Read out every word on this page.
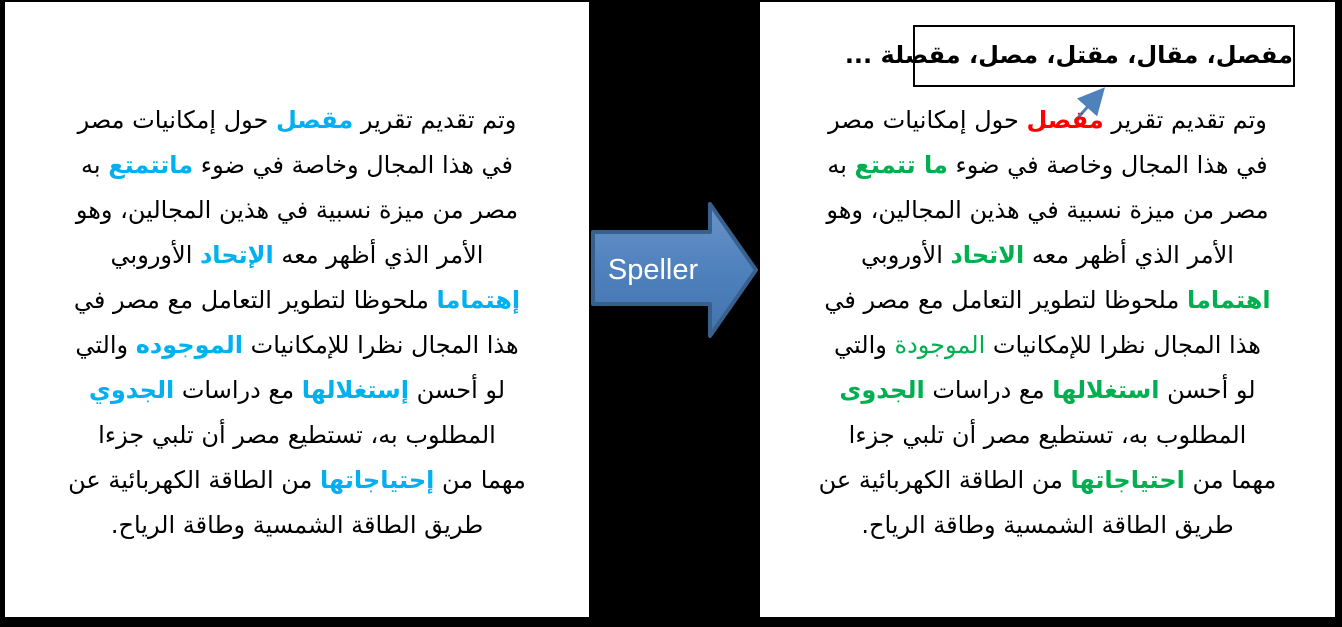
وتم تقديم تقرير مقصل حول إمكانيات مصر
في هذا المجال وخاصة في ضوء ماتتمتع به
مصر من ميزة نسبية في هذين المجالين، وهو
الأمر الذي أظهر معه الإتحاد الأوروبي
إهتماما ملحوظا لتطوير التعامل مع مصر في
هذا المجال نظرا للإمكانيات الموجوده والتي
لو أحسن إستغلالها مع دراسات الجدوي
المطلوب به، تستطيع مصر أن تلبي جزءا
مهما من إحتياجاتها من الطاقة الكهربائية عن
طريق الطاقة الشمسية وطاقة الرياح.
مفصل، مقال، مقتل، مصل، مقصلة ...
وتم تقديم تقرير مقصل حول إمكانيات مصر
في هذا المجال وخاصة في ضوء ما تتمتع به
مصر من ميزة نسبية في هذين المجالين، وهو
الأمر الذي أظهر معه الاتحاد الأوروبي
اهتماما ملحوظا لتطوير التعامل مع مصر في
هذا المجال نظرا للإمكانيات الموجودة والتي
لو أحسن استغلالها مع دراسات الجدوى
المطلوب به، تستطيع مصر أن تلبي جزءا
مهما من احتياجاتها من الطاقة الكهربائية عن
طريق الطاقة الشمسية وطاقة الرياح.
Speller
